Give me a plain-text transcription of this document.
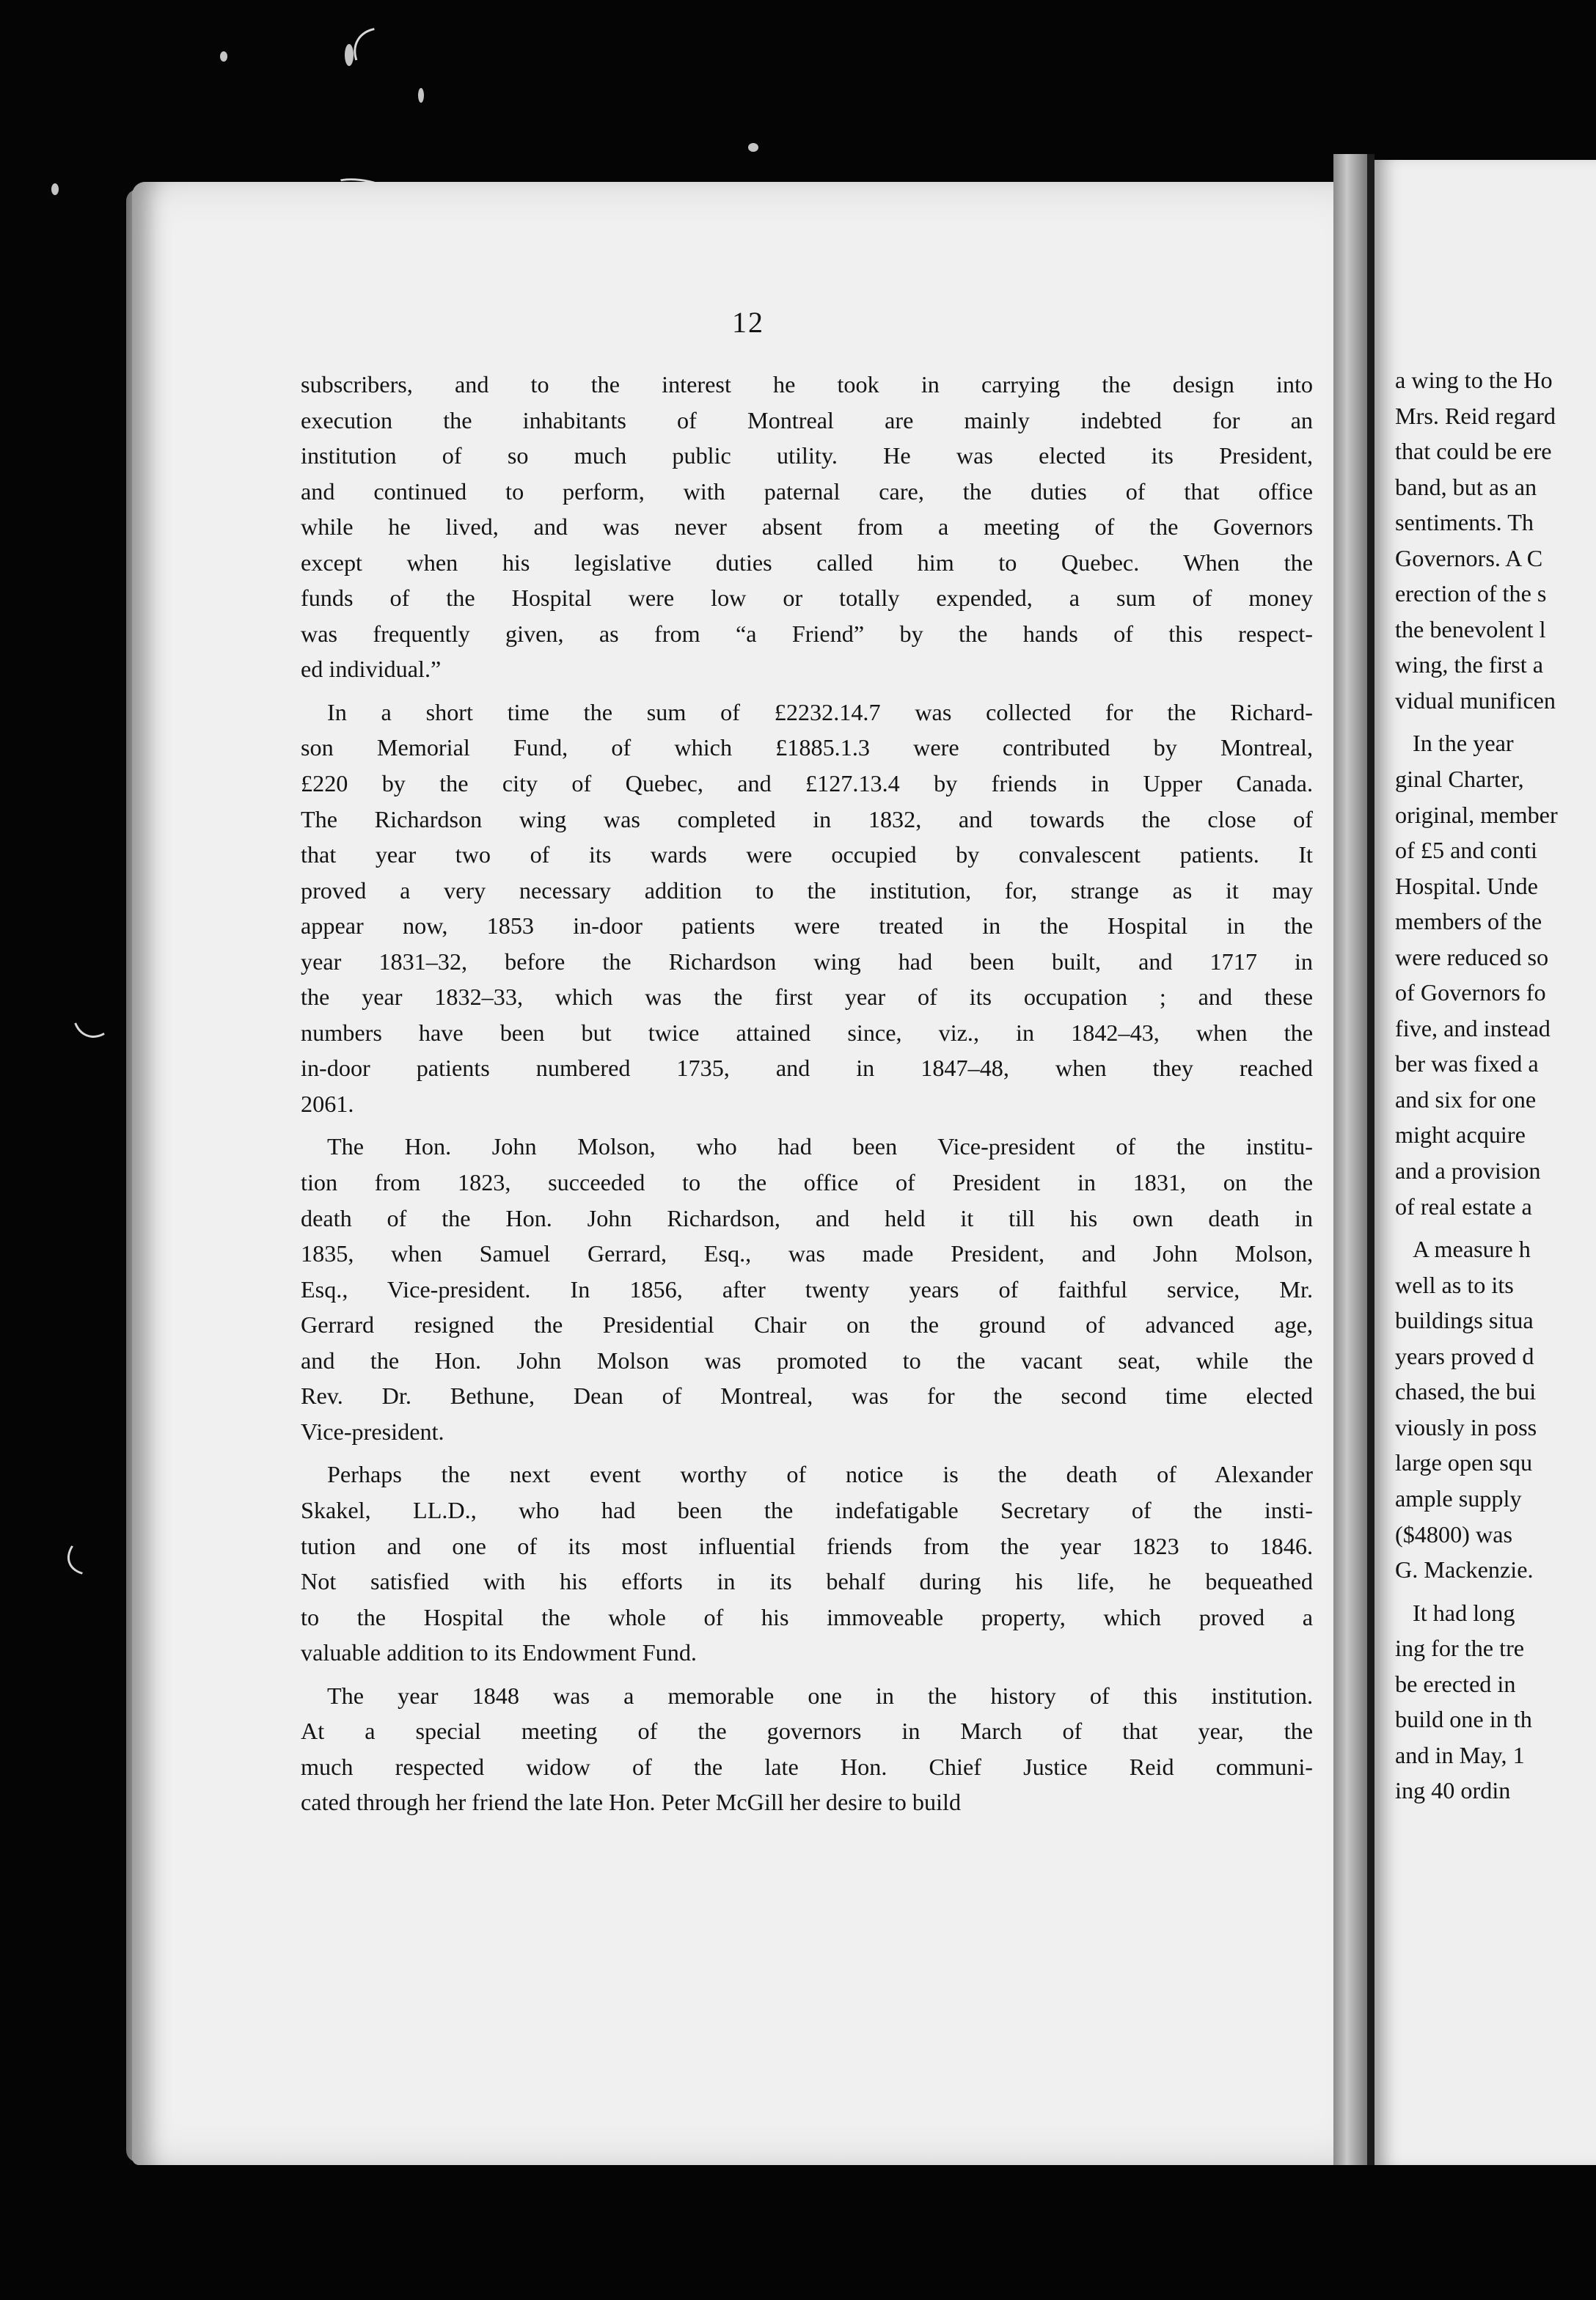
12
subscribers, and to the interest he took in carrying the design into
execution the inhabitants of Montreal are mainly indebted for an
institution of so much public utility. He was elected its President,
and continued to perform, with paternal care, the duties of that office
while he lived, and was never absent from a meeting of the Governors
except when his legislative duties called him to Quebec. When the
funds of the Hospital were low or totally expended, a sum of money
was frequently given, as from “a Friend” by the hands of this respect-
ed individual.”
In a short time the sum of £2232.14.7 was collected for the Richard-
son Memorial Fund, of which £1885.1.3 were contributed by Montreal,
£220 by the city of Quebec, and £127.13.4 by friends in Upper Canada.
The Richardson wing was completed in 1832, and towards the close of
that year two of its wards were occupied by convalescent patients. It
proved a very necessary addition to the institution, for, strange as it may
appear now, 1853 in-door patients were treated in the Hospital in the
year 1831–32, before the Richardson wing had been built, and 1717 in
the year 1832–33, which was the first year of its occupation ; and these
numbers have been but twice attained since, viz., in 1842–43, when the
in-door patients numbered 1735, and in 1847–48, when they reached
2061.
The Hon. John Molson, who had been Vice-president of the institu-
tion from 1823, succeeded to the office of President in 1831, on the
death of the Hon. John Richardson, and held it till his own death in
1835, when Samuel Gerrard, Esq., was made President, and John Molson,
Esq., Vice-president. In 1856, after twenty years of faithful service, Mr.
Gerrard resigned the Presidential Chair on the ground of advanced age,
and the Hon. John Molson was promoted to the vacant seat, while the
Rev. Dr. Bethune, Dean of Montreal, was for the second time elected
Vice-president.
Perhaps the next event worthy of notice is the death of Alexander
Skakel, LL.D., who had been the indefatigable Secretary of the insti-
tution and one of its most influential friends from the year 1823 to 1846.
Not satisfied with his efforts in its behalf during his life, he bequeathed
to the Hospital the whole of his immoveable property, which proved a
valuable addition to its Endowment Fund.
The year 1848 was a memorable one in the history of this institution.
At a special meeting of the governors in March of that year, the
much respected widow of the late Hon. Chief Justice Reid communi-
cated through her friend the late Hon. Peter McGill her desire to build
a wing to the Ho
Mrs. Reid regard
that could be ere
band, but as an
sentiments. Th
Governors. A C
erection of the s
the benevolent l
wing, the first a
vidual munificen
In the year
ginal Charter,
original, member
of £5 and conti
Hospital. Unde
members of the
were reduced so
of Governors fo
five, and instead
ber was fixed a
and six for one
might acquire
and a provision
of real estate a
A measure h
well as to its
buildings situa
years proved d
chased, the bui
viously in poss
large open squ
ample supply
($4800) was
G. Mackenzie.
It had long
ing for the tre
be erected in
build one in th
and in May, 1
ing 40 ordin
